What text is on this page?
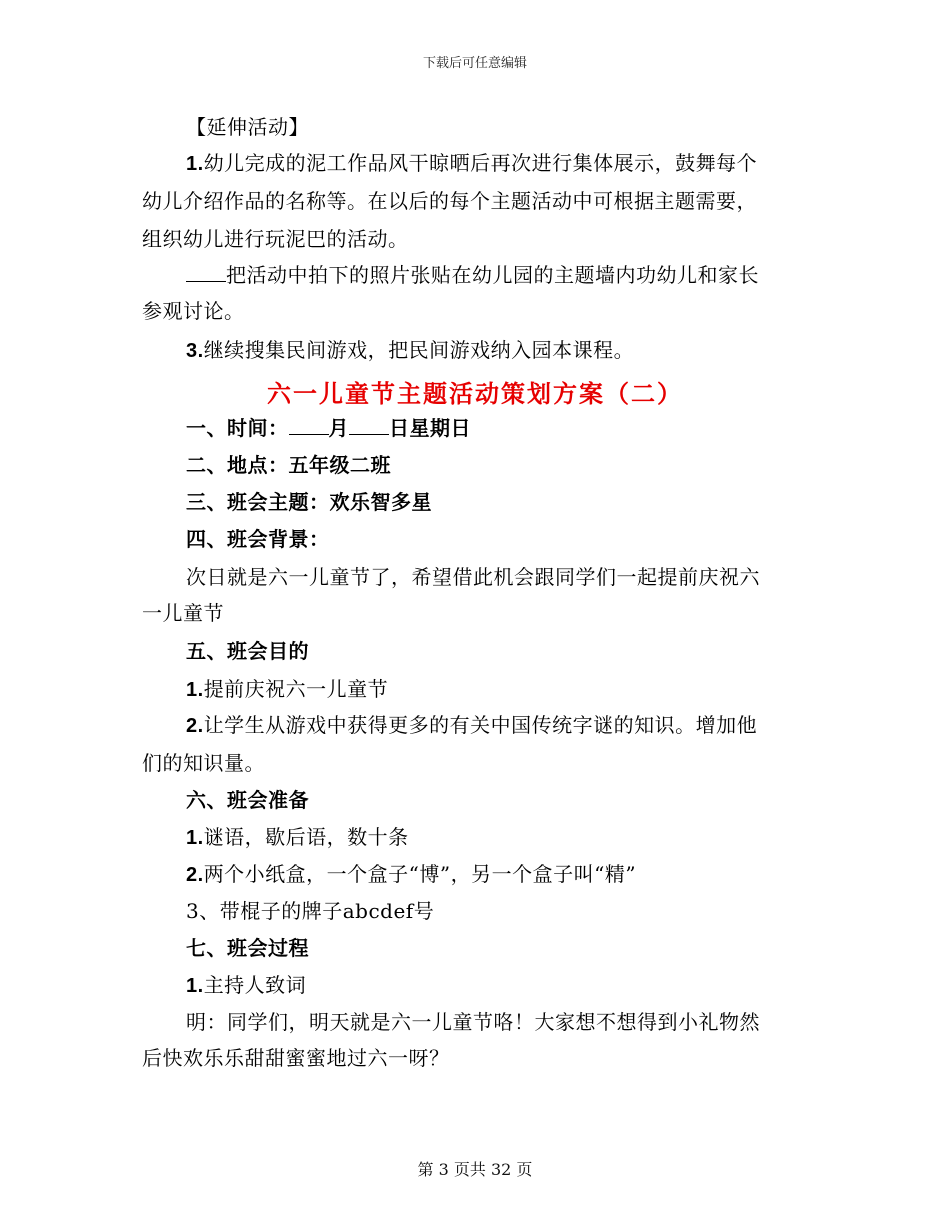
下载后可任意编辑
【延伸活动】
1.幼儿完成的泥工作品风干晾晒后再次进行集体展示，鼓舞每个
幼儿介绍作品的名称等。在以后的每个主题活动中可根据主题需要，
组织幼儿进行玩泥巴的活动。
把活动中拍下的照片张贴在幼儿园的主题墙内功幼儿和家长
参观讨论。
3.继续搜集民间游戏，把民间游戏纳入园本课程。
六一儿童节主题活动策划方案（二）
一、时间： 月 日星期日
二、地点：五年级二班
三、班会主题：欢乐智多星
四、班会背景：
次日就是六一儿童节了，希望借此机会跟同学们一起提前庆祝六
一儿童节
五、班会目的
1.提前庆祝六一儿童节
2.让学生从游戏中获得更多的有关中国传统字谜的知识。增加他
们的知识量。
六、班会准备
1.谜语，歇后语，数十条
2.两个小纸盒，一个盒子“博”，另一个盒子叫“精”
3、带棍子的牌子abcdef号
七、班会过程
1.主持人致词
明：同学们，明天就是六一儿童节咯！大家想不想得到小礼物然
后快欢乐乐甜甜蜜蜜地过六一呀？
第 3 页共 32 页
